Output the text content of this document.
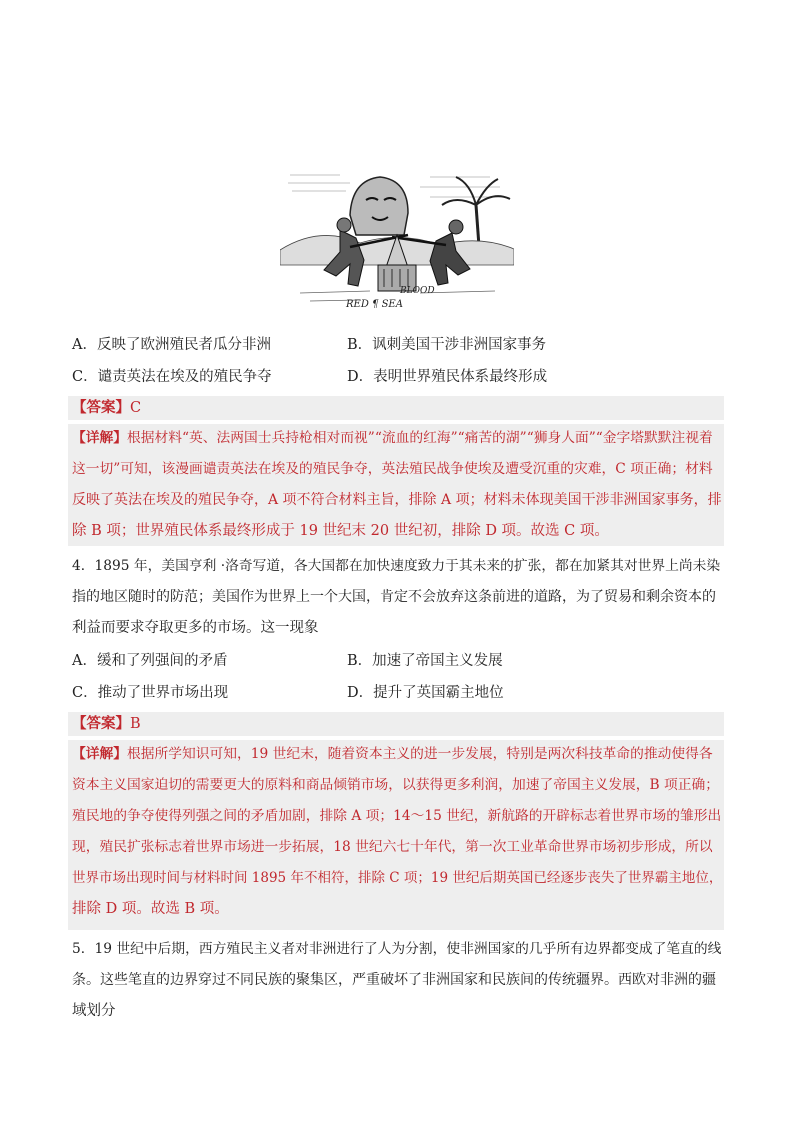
BLOOD
RED ¶ SEA
A．反映了欧洲殖民者瓜分非洲	B．讽刺美国干涉非洲国家事务
C．谴责英法在埃及的殖民争夺	D．表明世界殖民体系最终形成
【答案】C
【详解】根据材料“英、法两国士兵持枪相对而视”“流血的红海”“痛苦的湖”“狮身人面”“金字塔默默注视着
这一切”可知，该漫画谴责英法在埃及的殖民争夺，英法殖民战争使埃及遭受沉重的灾难，C 项正确；材料
反映了英法在埃及的殖民争夺，A 项不符合材料主旨，排除 A 项；材料未体现美国干涉非洲国家事务，排
除 B 项；世界殖民体系最终形成于 19 世纪末 20 世纪初，排除 D 项。故选 C 项。
4．1895 年，美国亨利 ·洛奇写道，各大国都在加快速度致力于其未来的扩张，都在加紧其对世界上尚未染
指的地区随时的防范；美国作为世界上一个大国，肯定不会放弃这条前进的道路，为了贸易和剩余资本的
利益而要求夺取更多的市场。这一现象
A．缓和了列强间的矛盾	B．加速了帝国主义发展
C．推动了世界市场出现	D．提升了英国霸主地位
【答案】B
【详解】根据所学知识可知，19 世纪末，随着资本主义的进一步发展，特别是两次科技革命的推动使得各
资本主义国家迫切的需要更大的原料和商品倾销市场，以获得更多利润，加速了帝国主义发展，B 项正确；
殖民地的争夺使得列强之间的矛盾加剧，排除 A 项；14～15 世纪，新航路的开辟标志着世界市场的雏形出
现，殖民扩张标志着世界市场进一步拓展，18 世纪六七十年代，第一次工业革命世界市场初步形成，所以
世界市场出现时间与材料时间 1895 年不相符，排除 C 项；19 世纪后期英国已经逐步丧失了世界霸主地位，
排除 D 项。故选 B 项。
5．19 世纪中后期，西方殖民主义者对非洲进行了人为分割，使非洲国家的几乎所有边界都变成了笔直的线
条。这些笔直的边界穿过不同民族的聚集区，严重破坏了非洲国家和民族间的传统疆界。西欧对非洲的疆
域划分
